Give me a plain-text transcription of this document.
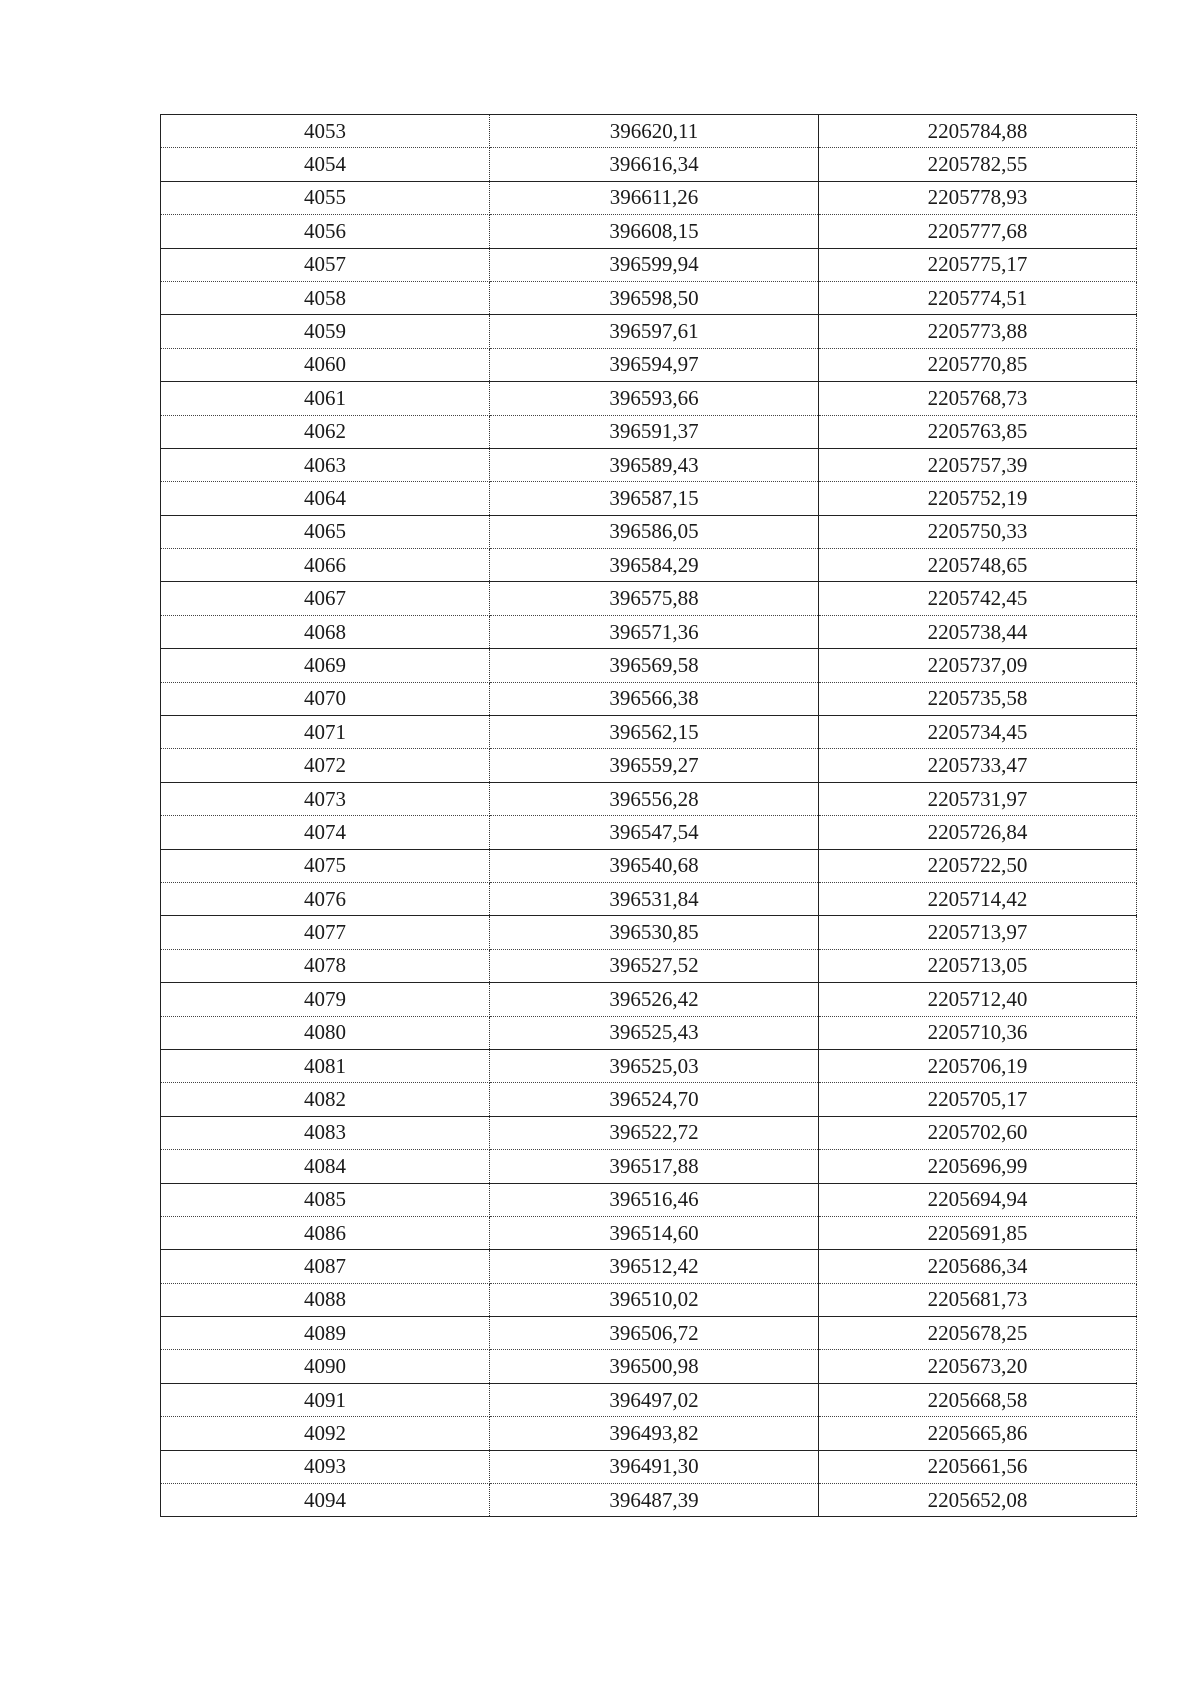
4053	396620,11	2205784,88
4054	396616,34	2205782,55
4055	396611,26	2205778,93
4056	396608,15	2205777,68
4057	396599,94	2205775,17
4058	396598,50	2205774,51
4059	396597,61	2205773,88
4060	396594,97	2205770,85
4061	396593,66	2205768,73
4062	396591,37	2205763,85
4063	396589,43	2205757,39
4064	396587,15	2205752,19
4065	396586,05	2205750,33
4066	396584,29	2205748,65
4067	396575,88	2205742,45
4068	396571,36	2205738,44
4069	396569,58	2205737,09
4070	396566,38	2205735,58
4071	396562,15	2205734,45
4072	396559,27	2205733,47
4073	396556,28	2205731,97
4074	396547,54	2205726,84
4075	396540,68	2205722,50
4076	396531,84	2205714,42
4077	396530,85	2205713,97
4078	396527,52	2205713,05
4079	396526,42	2205712,40
4080	396525,43	2205710,36
4081	396525,03	2205706,19
4082	396524,70	2205705,17
4083	396522,72	2205702,60
4084	396517,88	2205696,99
4085	396516,46	2205694,94
4086	396514,60	2205691,85
4087	396512,42	2205686,34
4088	396510,02	2205681,73
4089	396506,72	2205678,25
4090	396500,98	2205673,20
4091	396497,02	2205668,58
4092	396493,82	2205665,86
4093	396491,30	2205661,56
4094	396487,39	2205652,08
